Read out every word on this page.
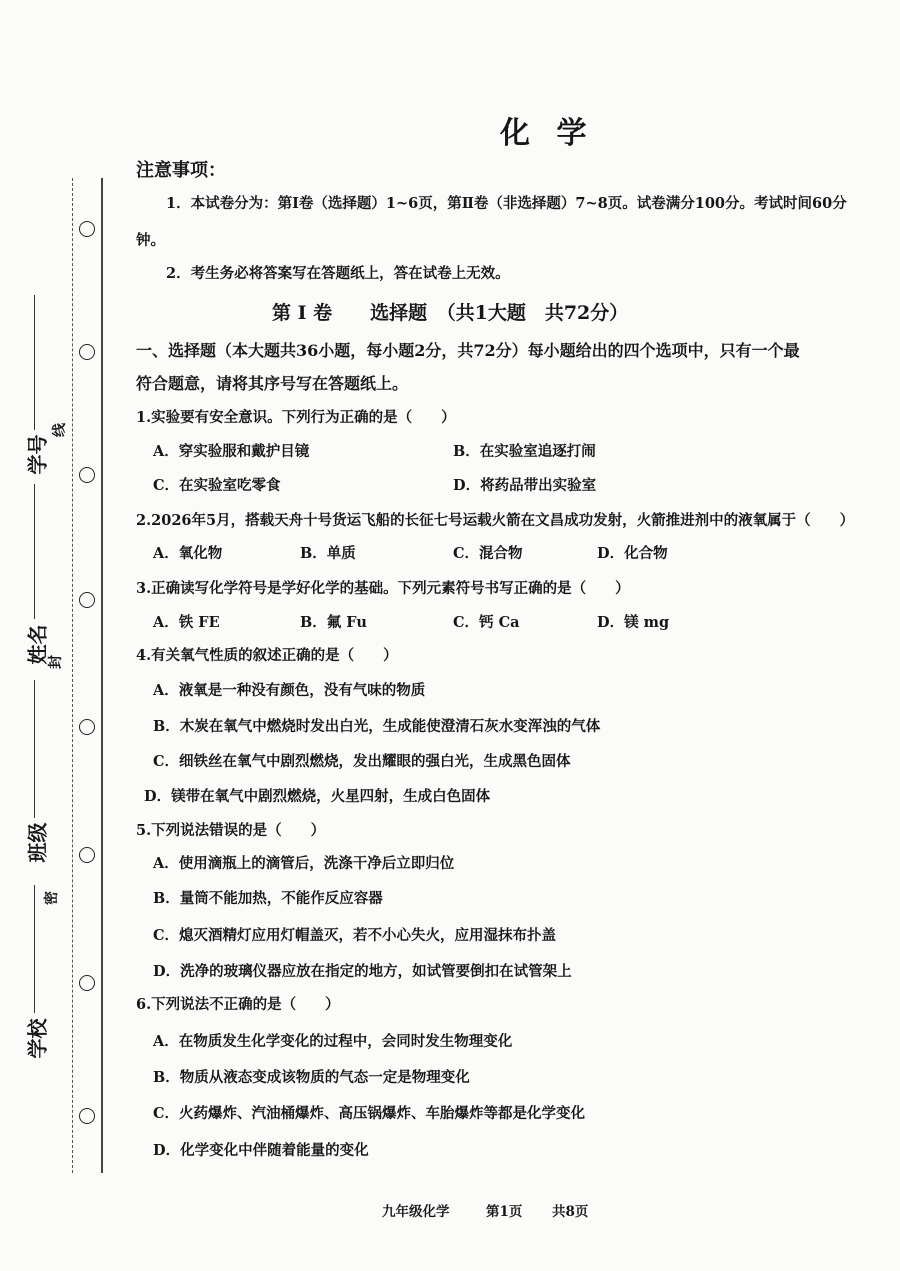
线
封
密
学号
姓名
班级
学校
化 学
注意事项：
1．本试卷分为：第Ⅰ卷（选择题）1~6页，第Ⅱ卷（非选择题）7~8页。试卷满分100分。考试时间60分
钟。
2．考生务必将答案写在答题纸上，答在试卷上无效。
第 Ⅰ 卷　　选择题　（共1大题　共72分）
一、选择题（本大题共36小题，每小题2分，共72分）每小题给出的四个选项中，只有一个最
符合题意，请将其序号写在答题纸上。
1.实验要有安全意识。下列行为正确的是（　　）
A．穿实验服和戴护目镜	B．在实验室追逐打闹
C．在实验室吃零食	D．将药品带出实验室
2.2026年5月，搭载天舟十号货运飞船的长征七号运载火箭在文昌成功发射，火箭推进剂中的液氧属于（　　）
A．氧化物	B．单质	C．混合物	D．化合物
3.正确读写化学符号是学好化学的基础。下列元素符号书写正确的是（　　）
A．铁 FE	B．氟 Fu	C．钙 Ca	D．镁 mg
4.有关氧气性质的叙述正确的是（　　）
A．液氧是一种没有颜色，没有气味的物质
B．木炭在氧气中燃烧时发出白光，生成能使澄清石灰水变浑浊的气体
C．细铁丝在氧气中剧烈燃烧，发出耀眼的强白光，生成黑色固体
D．镁带在氧气中剧烈燃烧，火星四射，生成白色固体
5.下列说法错误的是（　　）
A．使用滴瓶上的滴管后，洗涤干净后立即归位
B．量筒不能加热，不能作反应容器
C．熄灭酒精灯应用灯帽盖灭，若不小心失火，应用湿抹布扑盖
D．洗净的玻璃仪器应放在指定的地方，如试管要倒扣在试管架上
6.下列说法不正确的是（　　）
A．在物质发生化学变化的过程中，会同时发生物理变化
B．物质从液态变成该物质的气态一定是物理变化
C．火药爆炸、汽油桶爆炸、高压锅爆炸、车胎爆炸等都是化学变化
D．化学变化中伴随着能量的变化
九年级化学	第1页 共8页
